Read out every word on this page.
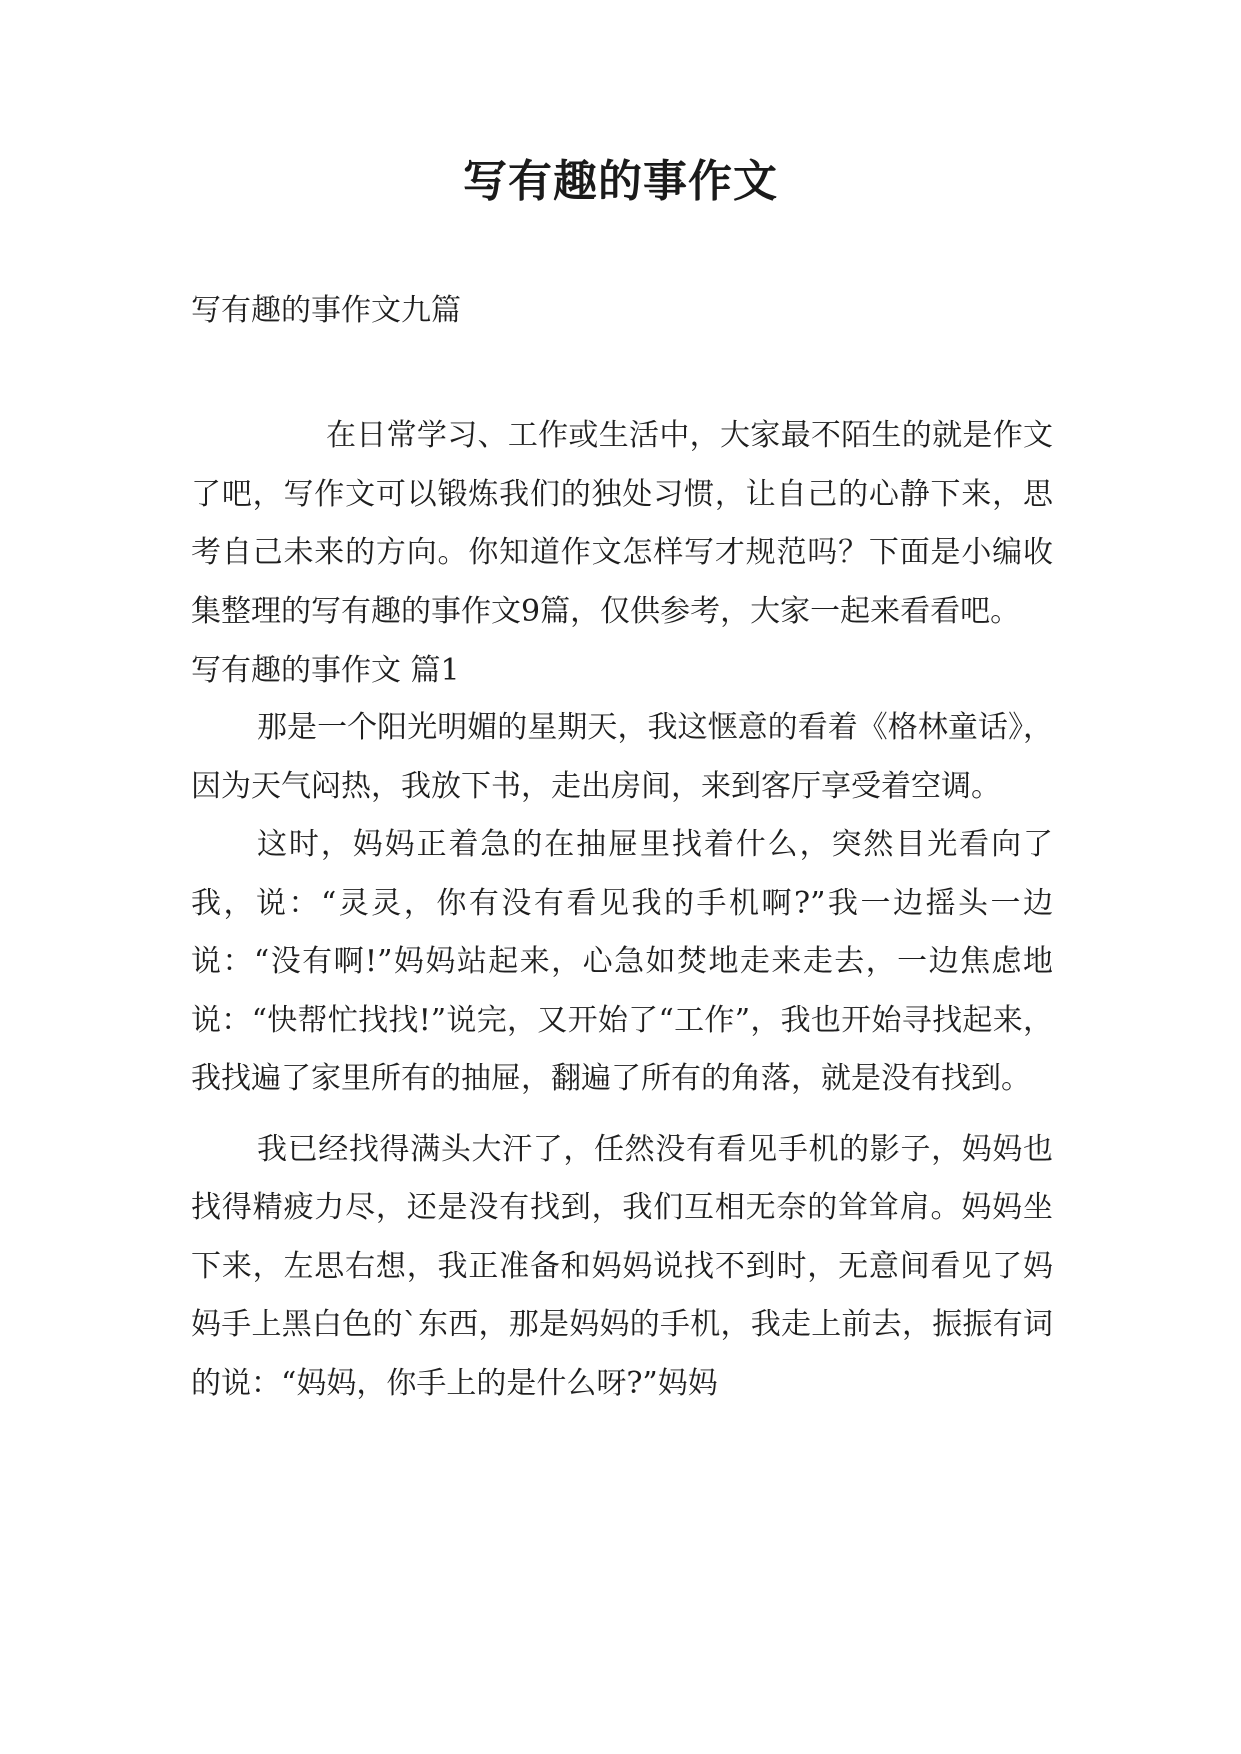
写有趣的事作文

写有趣的事作文九篇

在日常学习、工作或生活中，大家最不陌生的就是作文了吧，写作文可以锻炼我们的独处习惯，让自己的心静下来，思考自己未来的方向。你知道作文怎样写才规范吗？下面是小编收集整理的写有趣的事作文9篇，仅供参考，大家一起来看看吧。

写有趣的事作文 篇1

那是一个阳光明媚的星期天，我这惬意的看着《格林童话》，因为天气闷热，我放下书，走出房间，来到客厅享受着空调。

这时，妈妈正着急的在抽屉里找着什么，突然目光看向了我，说：“灵灵，你有没有看见我的手机啊?”我一边摇头一边说：“没有啊!”妈妈站起来，心急如焚地走来走去，一边焦虑地说：“快帮忙找找!”说完，又开始了“工作”，我也开始寻找起来，我找遍了家里所有的抽屉，翻遍了所有的角落，就是没有找到。

我已经找得满头大汗了，任然没有看见手机的影子，妈妈也找得精疲力尽，还是没有找到，我们互相无奈的耸耸肩。妈妈坐下来，左思右想，我正准备和妈妈说找不到时，无意间看见了妈妈手上黑白色的`东西，那是妈妈的手机，我走上前去，振振有词的说：“妈妈，你手上的是什么呀?”妈妈
